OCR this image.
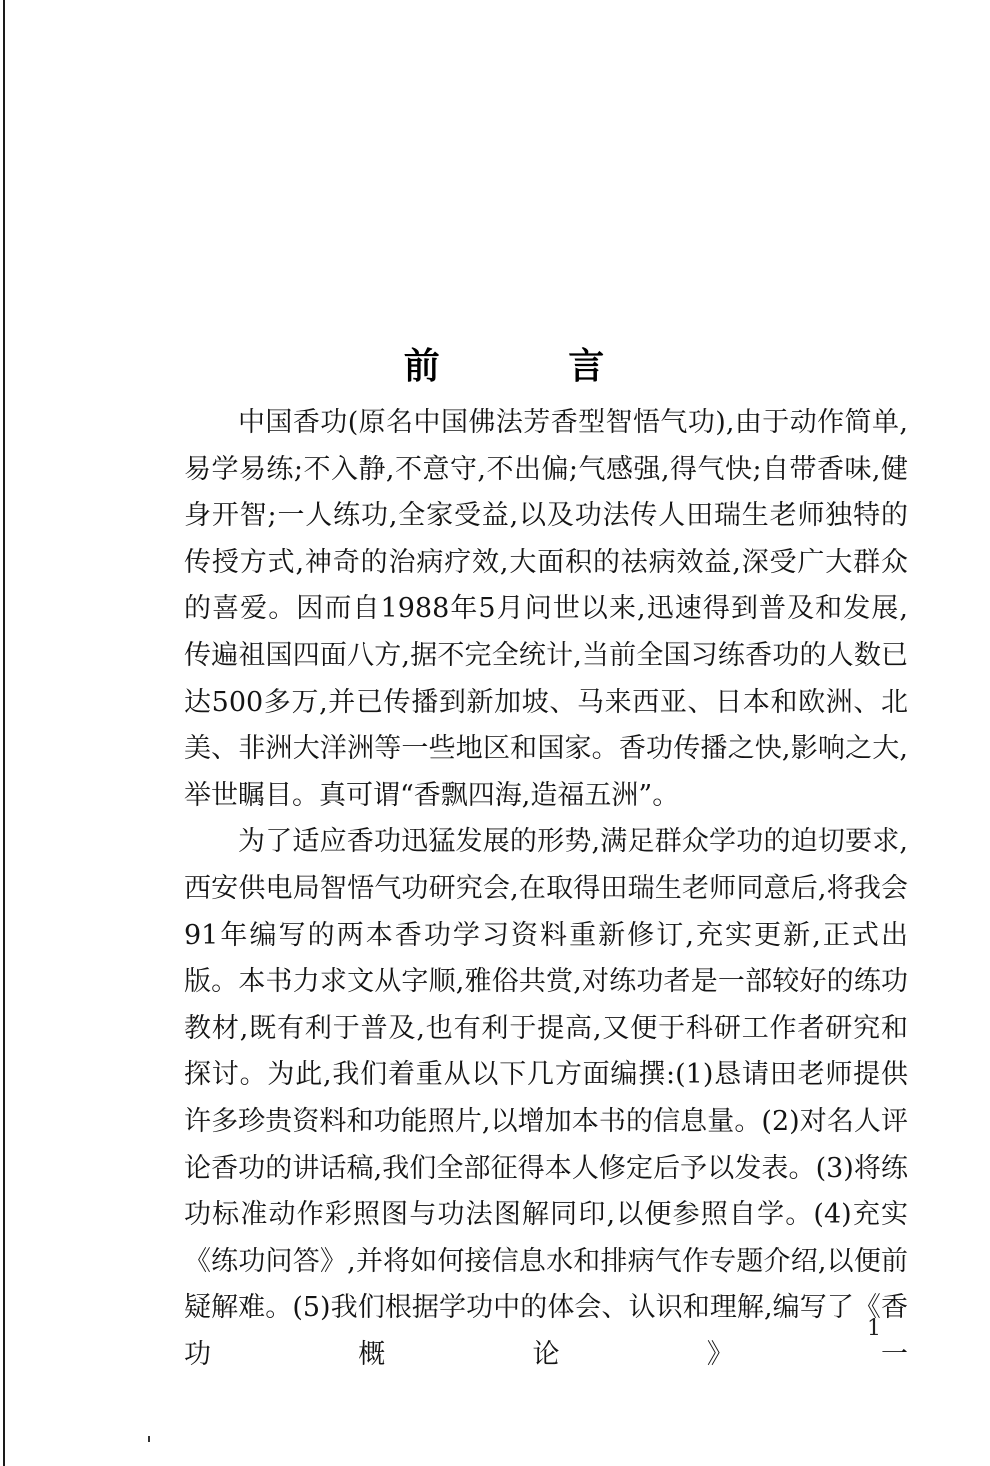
前 言

中国香功(原名中国佛法芳香型智悟气功),由于动作简单,易学易练;不入静,不意守,不出偏;气感强,得气快;自带香味,健身开智;一人练功,全家受益,以及功法传人田瑞生老师独特的传授方式,神奇的治病疗效,大面积的祛病效益,深受广大群众的喜爱。因而自1988年5月问世以来,迅速得到普及和发展,传遍祖国四面八方,据不完全统计,当前全国习练香功的人数已达500多万,并已传播到新加坡、马来西亚、日本和欧洲、北美、非洲大洋洲等一些地区和国家。香功传播之快,影响之大,举世瞩目。真可谓“香飘四海,造福五洲”。

为了适应香功迅猛发展的形势,满足群众学功的迫切要求,西安供电局智悟气功研究会,在取得田瑞生老师同意后,将我会91年编写的两本香功学习资料重新修订,充实更新,正式出版。本书力求文从字顺,雅俗共赏,对练功者是一部较好的练功教材,既有利于普及,也有利于提高,又便于科研工作者研究和探讨。为此,我们着重从以下几方面编撰:(1)恳请田老师提供许多珍贵资料和功能照片,以增加本书的信息量。(2)对名人评论香功的讲话稿,我们全部征得本人修定后予以发表。(3)将练功标准动作彩照图与功法图解同印,以便参照自学。(4)充实《练功问答》,并将如何接信息水和排病气作专题介绍,以便前疑解难。(5)我们根据学功中的体会、认识和理解,编写了《香功概论》一

1
